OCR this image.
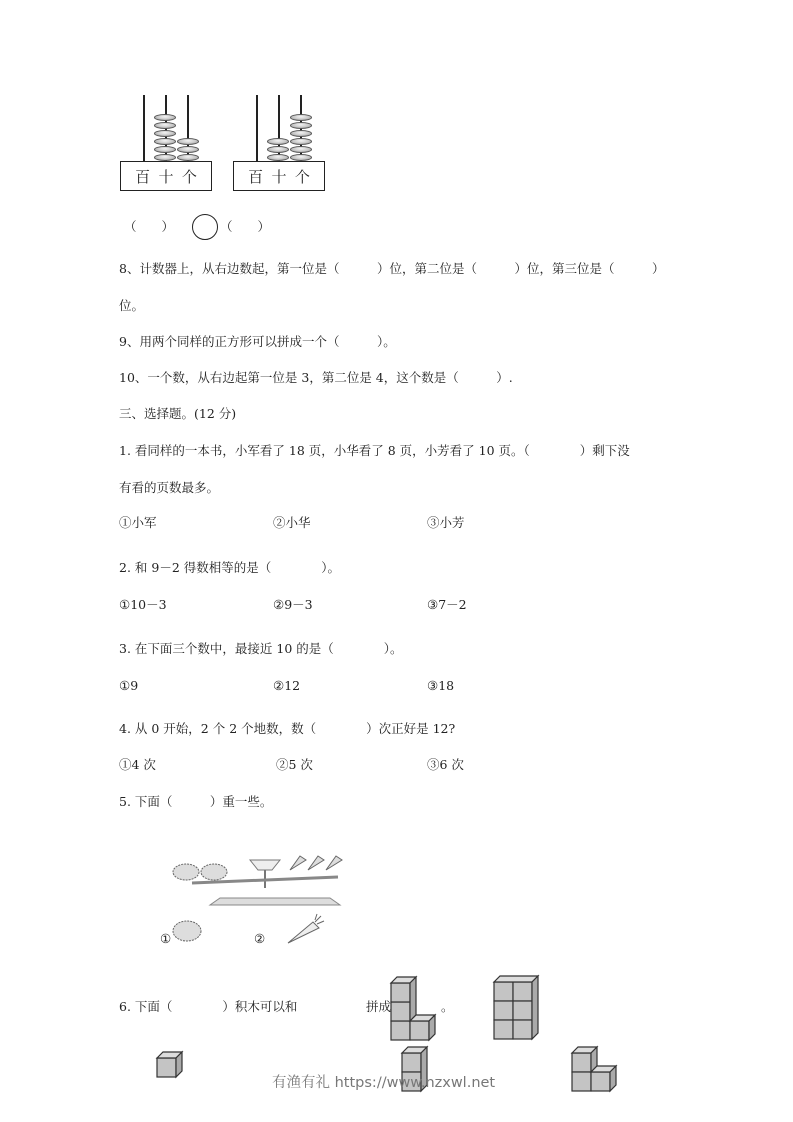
百 十 个	百 十 个
（　　）	（　　）
8、计数器上，从右边数起，第一位是（　　　）位，第二位是（　　　）位，第三位是（　　　）
位。
9、用两个同样的正方形可以拼成一个（　　　）。
10、一个数，从右边起第一位是 3，第二位是 4，这个数是（　　　）.
三、选择题。(12 分)
1. 看同样的一本书，小军看了 18 页，小华看了 8 页，小芳看了 10 页。（　　　　）剩下没
有看的页数最多。
①小军	②小华	③小芳
2. 和 9－2 得数相等的是（　　　　）。
①10－3	②9－3	③7－2
3. 在下面三个数中，最接近 10 的是（　　　　）。
①9	②12	③18
4. 从 0 开始，2 个 2 个地数，数（　　　　）次正好是 12?
①4 次	②5 次	③6 次
5. 下面（　　　）重一些。
①	②
6. 下面（　　　　）积木可以和	拼成	。
有渔有礼 https://www.nzxwl.net
